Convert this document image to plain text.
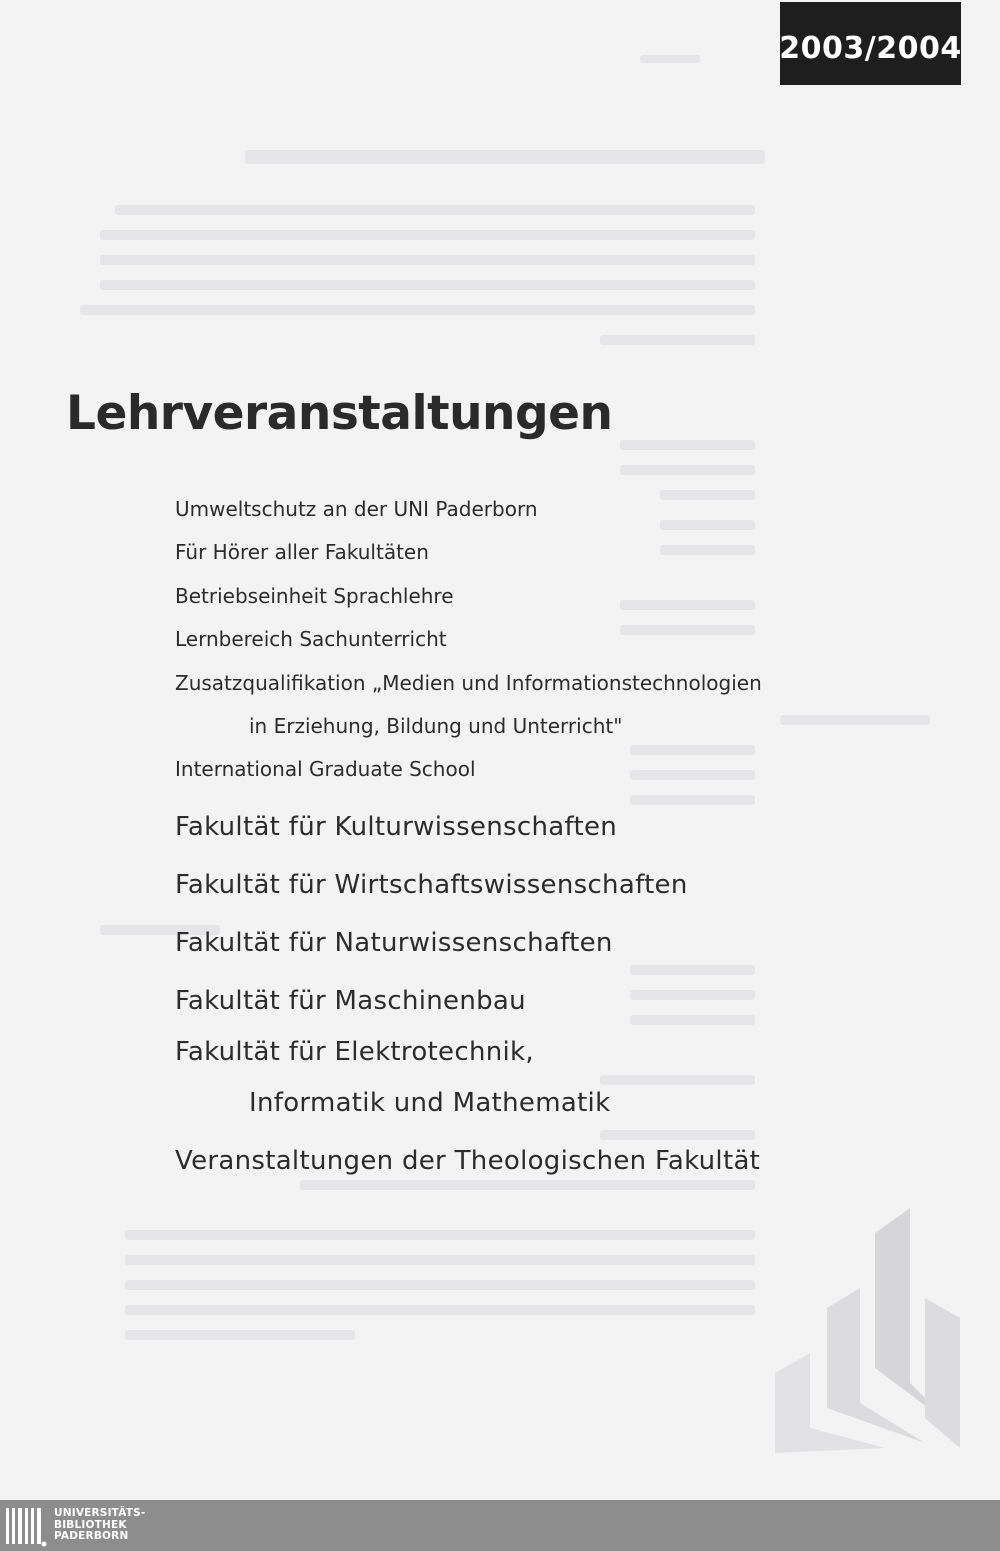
2003/2004
Lehrveranstaltungen
Umweltschutz an der UNI Paderborn
Für Hörer aller Fakultäten
Betriebseinheit Sprachlehre
Lernbereich Sachunterricht
Zusatzqualifikation „Medien und Informationstechnologien
in Erziehung, Bildung und Unterricht"
International Graduate School
Fakultät für Kulturwissenschaften
Fakultät für Wirtschaftswissenschaften
Fakultät für Naturwissenschaften
Fakultät für Maschinenbau
Fakultät für Elektrotechnik,
Informatik und Mathematik
Veranstaltungen der Theologischen Fakultät
UNIVERSITÄTS-
BIBLIOTHEK
PADERBORN
